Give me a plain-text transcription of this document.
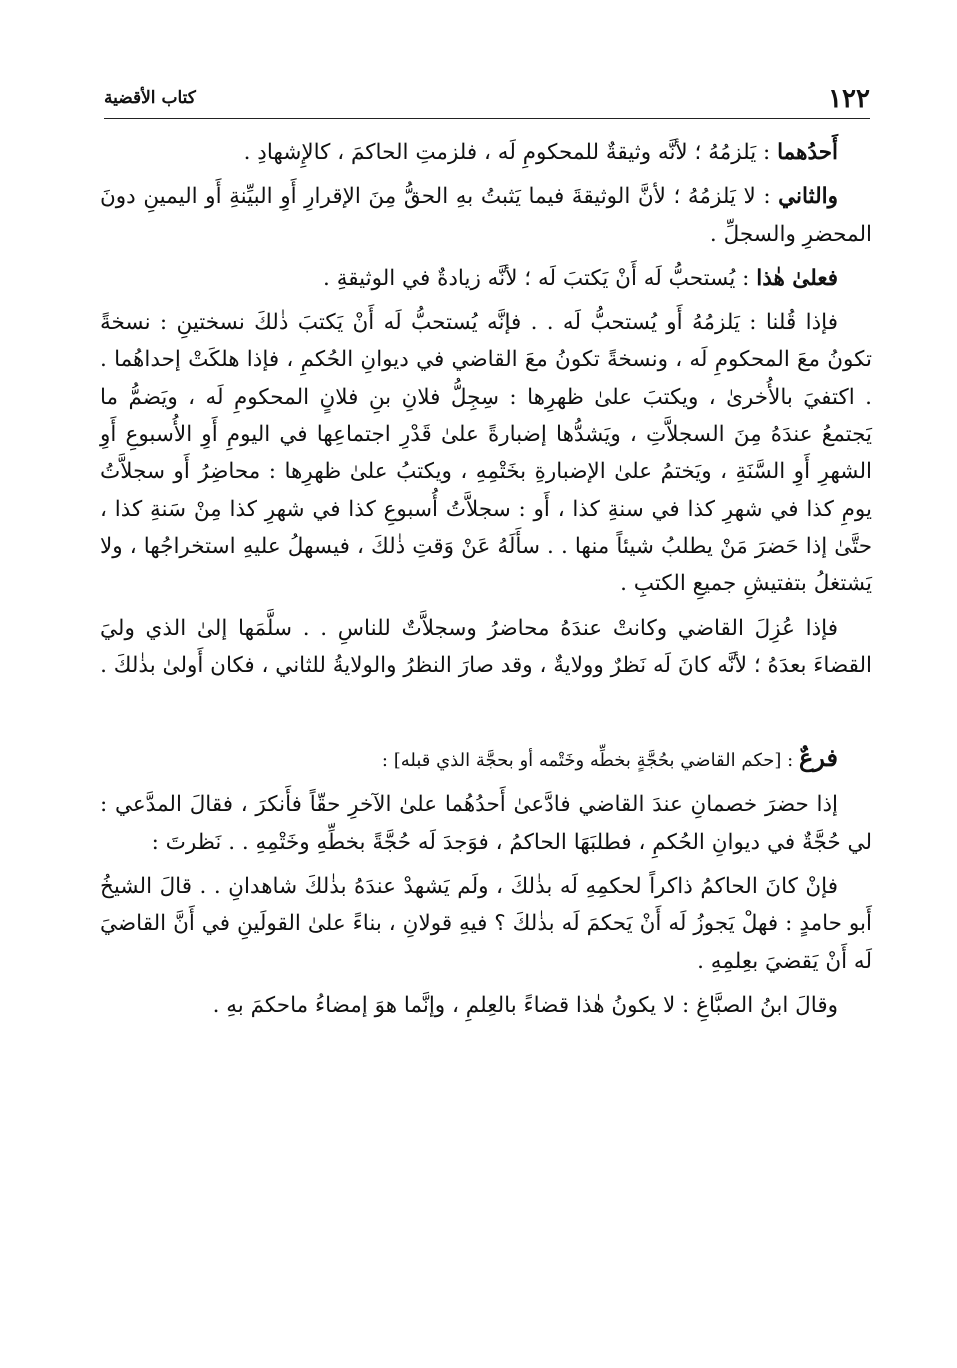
١٢٢
كتاب الأقضية

أَحدُهما : يَلزمُهُ ؛ لأنَّه وثيقةٌ للمحكومِ لَه ، فلزمتِ الحاكمَ ، كالإِشهادِ .

والثاني : لا يَلزمُهُ ؛ لأنَّ الوثيقةَ فيما يَثبتُ بهِ الحقُّ مِنَ الإقرارِ أَوِ البيِّنةِ أَو اليمينِ دونَ المحضرِ والسجلِّ .

فعلىٰ هٰذا : يُستحبُّ لَه أَنْ يَكتبَ لَه ؛ لأنَّه زيادةٌ في الوثيقةِ .

فإذا قُلنا : يَلزمُهُ أَو يُستحبُّ لَه . . فإنَّه يُستحبُّ لَه أَنْ يَكتبَ ذٰلكَ نسختينِ : نسخةً تكونُ معَ المحكومِ لَه ، ونسخةً تكونُ معَ القاضي في ديوانِ الحُكمِ ، فإذا هلكَتْ إحداهُما . . اكتفيَ بالأُخرىٰ ، ويكتبَ علىٰ ظهرِها : سِجِلُّ فلانِ بنِ فلانٍ المحكومِ لَه ، ويَضمُّ ما يَجتمعُ عندَهُ مِنَ السجلاَّتِ ، ويَشدُّها إضبارةً علىٰ قَدْرِ اجتماعِها في اليومِ أَوِ الأُسبوعِ أَوِ الشهرِ أَوِ السَّنَةِ ، ويَختمُ علىٰ الإضبارةِ بخَتْمِهِ ، ويكتبُ علىٰ ظهرِها : محاضِرُ أَو سجلاَّتُ يومِ كذا في شهرِ كذا في سنةِ كذا ، أَو : سجلاَّتُ أُسبوعِ كذا في شهرِ كذا مِنْ سَنةِ كذا ، حتَّىٰ إذا حَضرَ مَنْ يطلبُ شيئاً منها . . سأَلَهُ عَنْ وَقتِ ذٰلكَ ، فيسهلُ عليهِ استخراجُها ، ولا يَشتغلُ بتفتيشِ جميعِ الكتبِ .

فإذا عُزِلَ القاضي وكانتْ عندَهُ محاضرُ وسجلاَّتٌ للناسِ . . سلَّمَها إلىٰ الذي وليَ القضاءَ بعدَهُ ؛ لأنَّه كانَ لَه نَظرٌ وولايةٌ ، وقد صارَ النظرُ والولايةُ للثاني ، فكان أَولىٰ بذٰلكَ .

فرعٌ : [حكم القاضي بحُجَّةٍ بخطِّه وخَتْمه أو بحجَّة الذي قبله] :

إذا حضرَ خصمانِ عندَ القاضي فادَّعىٰ أَحدُهُما علىٰ الآخرِ حقّاً فأَنكرَ ، فقالَ المدَّعي : لي حُجَّةٌ في ديوانِ الحُكمِ ، فطلبَهَا الحاكمُ ، فوَجدَ لَه حُجَّةً بخطِّهِ وخَتْمِهِ . . نَظرتَ :

فإنْ كانَ الحاكمُ ذاكراً لحكمِهِ لَه بذٰلكَ ، ولَم يَشهدْ عندَهُ بذٰلكَ شاهدانِ . . قالَ الشيخُ أَبو حامدٍ : فهلْ يَجوزُ لَه أَنْ يَحكمَ لَه بذٰلكَ ؟ فيهِ قولانِ ، بناءً علىٰ القولَينِ في أَنَّ القاضيَ لَه أَنْ يَقضيَ بعِلمِهِ .

وقالَ ابنُ الصبَّاغِ : لا يكونُ هٰذا قضاءً بالعِلمِ ، وإنَّما هوَ إمضاءُ ماحكمَ بهِ .
